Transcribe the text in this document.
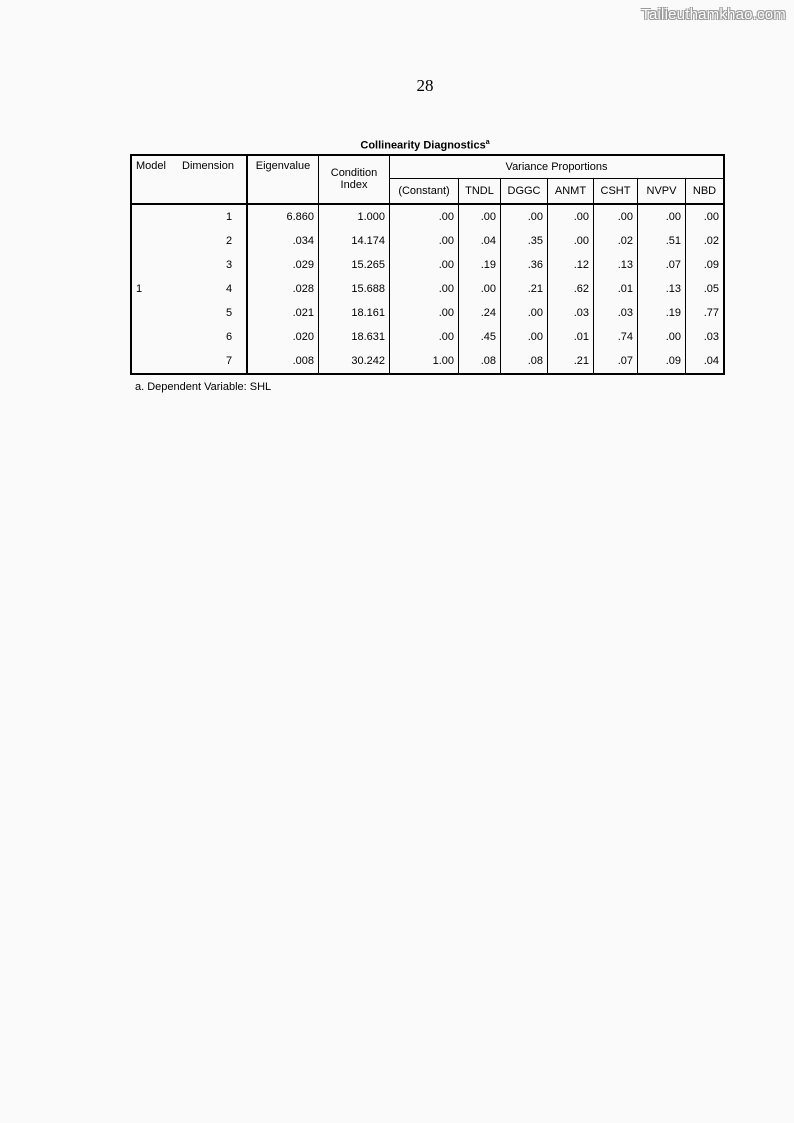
Tailieuthamkhao.com
28
Collinearity Diagnostics$^a$
Model	Dimension	Eigenvalue	Condition	Variance Proportions						
			Index	(Constant)	TNDL	DGGC	ANMT	CSHT	NVPV	NBD
1	1	6.860	1.000	.00	.00	.00	.00	.00	.00	.00
	2	.034	14.174	.00	.04	.35	.00	.02	.51	.02
	3	.029	15.265	.00	.19	.36	.12	.13	.07	.09
	4	.028	15.688	.00	.00	.21	.62	.01	.13	.05
	5	.021	18.161	.00	.24	.00	.03	.03	.19	.77
	6	.020	18.631	.00	.45	.00	.01	.74	.00	.03
	7	.008	30.242	1.00	.08	.08	.21	.07	.09	.04
a. Dependent Variable: SHL
